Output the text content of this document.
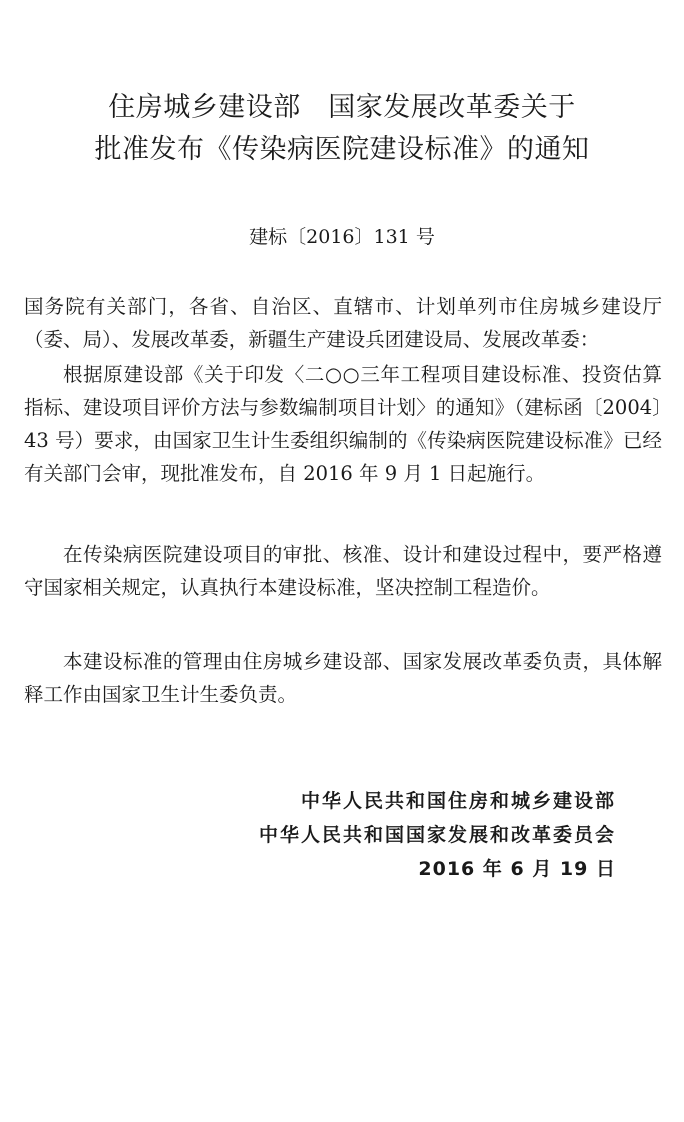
住房城乡建设部　国家发展改革委关于
批准发布《传染病医院建设标准》的通知
建标〔2016〕131 号

国务院有关部门，各省、自治区、直辖市、计划单列市住房城乡建设厅（委、局）、发展改革委，新疆生产建设兵团建设局、发展改革委：

根据原建设部《关于印发〈二○○三年工程项目建设标准、投资估算指标、建设项目评价方法与参数编制项目计划〉的通知》（建标函〔2004〕43 号）要求，由国家卫生计生委组织编制的《传染病医院建设标准》已经有关部门会审，现批准发布，自 2016 年 9 月 1 日起施行。

在传染病医院建设项目的审批、核准、设计和建设过程中，要严格遵守国家相关规定，认真执行本建设标准，坚决控制工程造价。

本建设标准的管理由住房城乡建设部、国家发展改革委负责，具体解释工作由国家卫生计生委负责。

中华人民共和国住房和城乡建设部
中华人民共和国国家发展和改革委员会
2016 年 6 月 19 日
